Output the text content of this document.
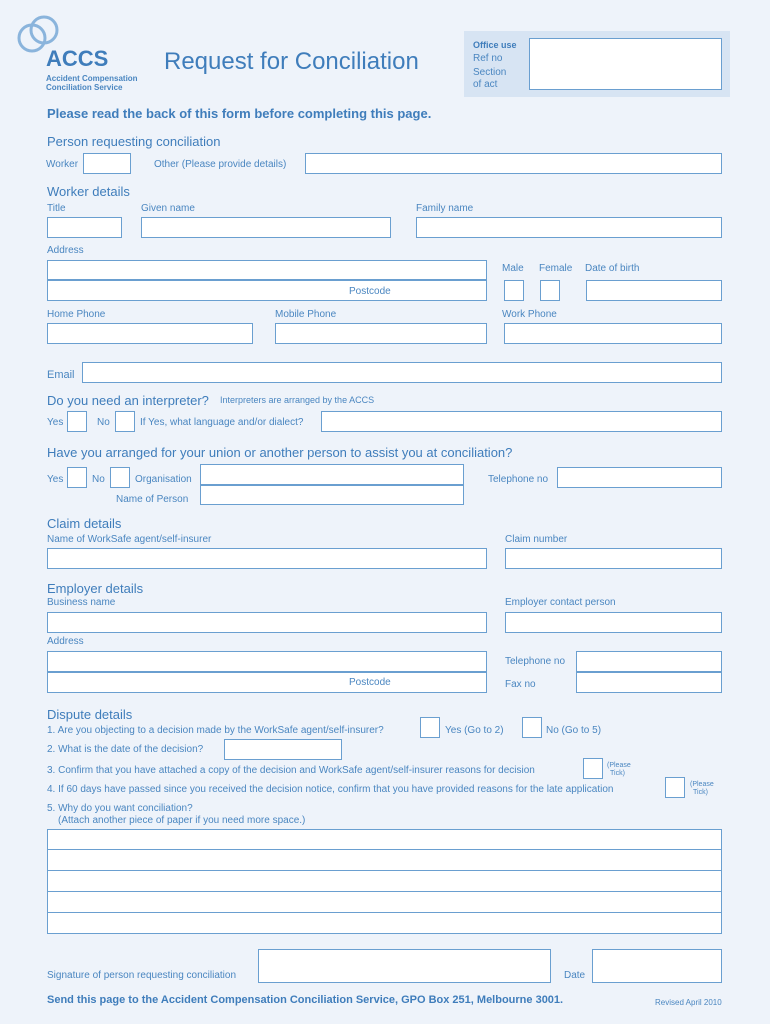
ACCS
Accident Compensation
Conciliation Service
Request for Conciliation
Office use
Ref no
Section
of act
Please read the back of this form before completing this page.
Person requesting conciliation
Worker	Other (Please provide details)
Worker details
Title	Given name	Family name
Address
Postcode
Male Female Date of birth
Home Phone	Mobile Phone	Work Phone
Email
Do you need an interpreter? Interpreters are arranged by the ACCS
Yes	No	If Yes, what language and/or dialect?
Have you arranged for your union or another person to assist you at conciliation?
Yes	No	Organisation	Telephone no
Name of Person
Claim details
Name of WorkSafe agent/self-insurer	Claim number
Employer details
Business name	Employer contact person
Address
Postcode
Telephone no
Fax no
Dispute details
1. Are you objecting to a decision made by the WorkSafe agent/self-insurer?	Yes (Go to 2)	No (Go to 5)
2. What is the date of the decision?
3. Confirm that you have attached a copy of the decision and WorkSafe agent/self-insurer reasons for decision	(Please
Tick)
4. If 60 days have passed since you received the decision notice, confirm that you have provided reasons for the late application	(Please
Tick)
5. Why do you want conciliation?
(Attach another piece of paper if you need more space.)
Signature of person requesting conciliation	Date
Send this page to the Accident Compensation Conciliation Service, GPO Box 251, Melbourne 3001.	Revised April 2010
